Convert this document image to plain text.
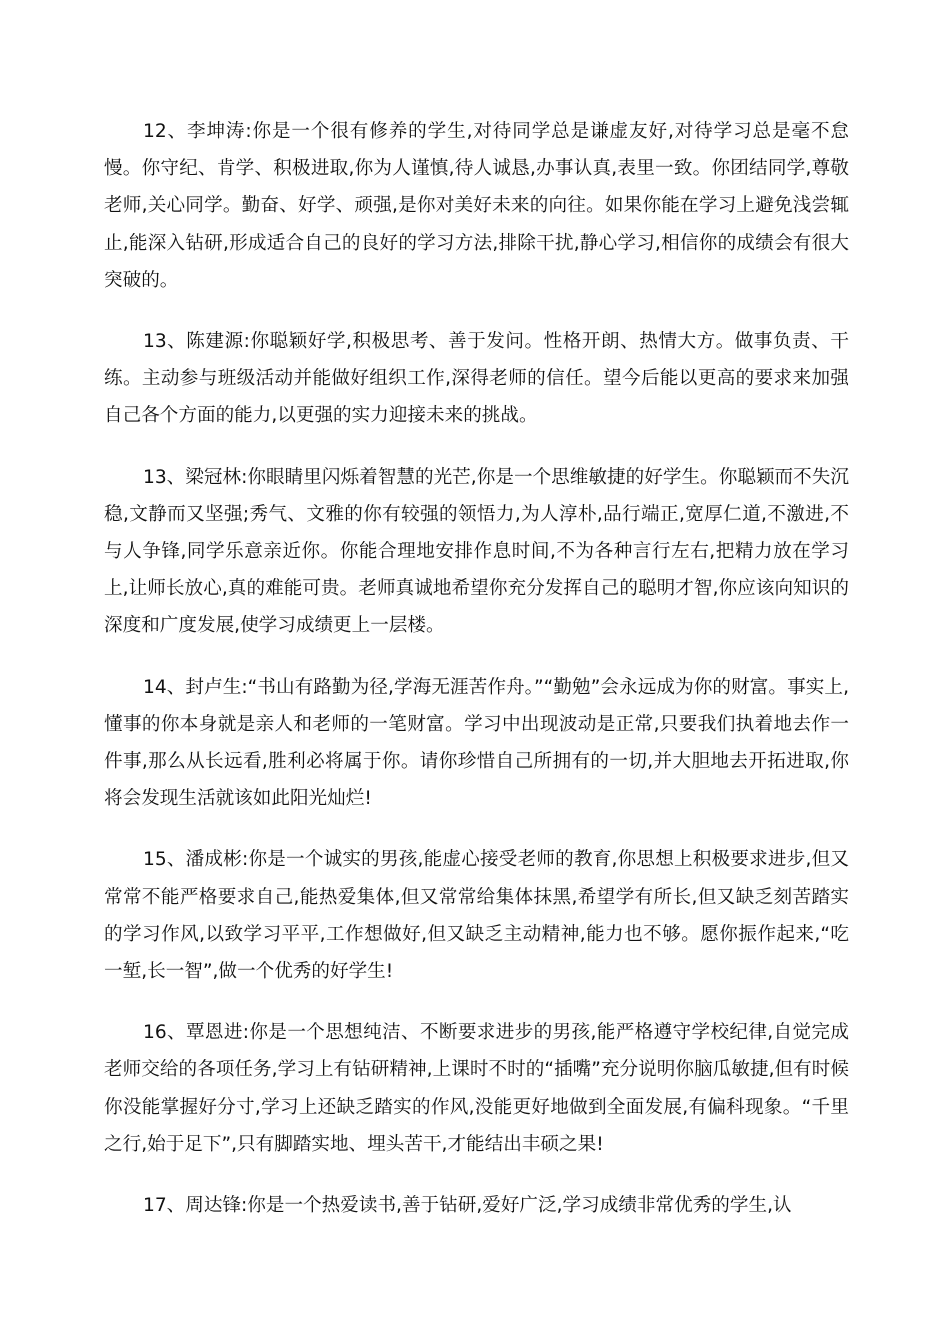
12、李坤涛:你是一个很有修养的学生,对待同学总是谦虚友好,对待学习总是毫不怠慢。你守纪、肯学、积极进取,你为人谨慎,待人诚恳,办事认真,表里一致。你团结同学,尊敬老师,关心同学。勤奋、好学、顽强,是你对美好未来的向往。如果你能在学习上避免浅尝辄止,能深入钻研,形成适合自己的良好的学习方法,排除干扰,静心学习,相信你的成绩会有很大突破的。

13、陈建源:你聪颖好学,积极思考、善于发问。性格开朗、热情大方。做事负责、干练。主动参与班级活动并能做好组织工作,深得老师的信任。望今后能以更高的要求来加强自己各个方面的能力,以更强的实力迎接未来的挑战。

13、梁冠林:你眼睛里闪烁着智慧的光芒,你是一个思维敏捷的好学生。你聪颖而不失沉稳,文静而又坚强;秀气、文雅的你有较强的领悟力,为人淳朴,品行端正,宽厚仁道,不激进,不与人争锋,同学乐意亲近你。你能合理地安排作息时间,不为各种言行左右,把精力放在学习上,让师长放心,真的难能可贵。老师真诚地希望你充分发挥自己的聪明才智,你应该向知识的深度和广度发展,使学习成绩更上一层楼。

14、封卢生:“书山有路勤为径,学海无涯苦作舟。”“勤勉”会永远成为你的财富。事实上,懂事的你本身就是亲人和老师的一笔财富。学习中出现波动是正常,只要我们执着地去作一件事,那么从长远看,胜利必将属于你。请你珍惜自己所拥有的一切,并大胆地去开拓进取,你将会发现生活就该如此阳光灿烂!

15、潘成彬:你是一个诚实的男孩,能虚心接受老师的教育,你思想上积极要求进步,但又常常不能严格要求自己,能热爱集体,但又常常给集体抹黑,希望学有所长,但又缺乏刻苦踏实的学习作风,以致学习平平,工作想做好,但又缺乏主动精神,能力也不够。愿你振作起来,“吃一堑,长一智”,做一个优秀的好学生!

16、覃恩进:你是一个思想纯洁、不断要求进步的男孩,能严格遵守学校纪律,自觉完成老师交给的各项任务,学习上有钻研精神,上课时不时的“插嘴”充分说明你脑瓜敏捷,但有时候你没能掌握好分寸,学习上还缺乏踏实的作风,没能更好地做到全面发展,有偏科现象。“千里之行,始于足下”,只有脚踏实地、埋头苦干,才能结出丰硕之果!

17、周达锋:你是一个热爱读书,善于钻研,爱好广泛,学习成绩非常优秀的学生,认
